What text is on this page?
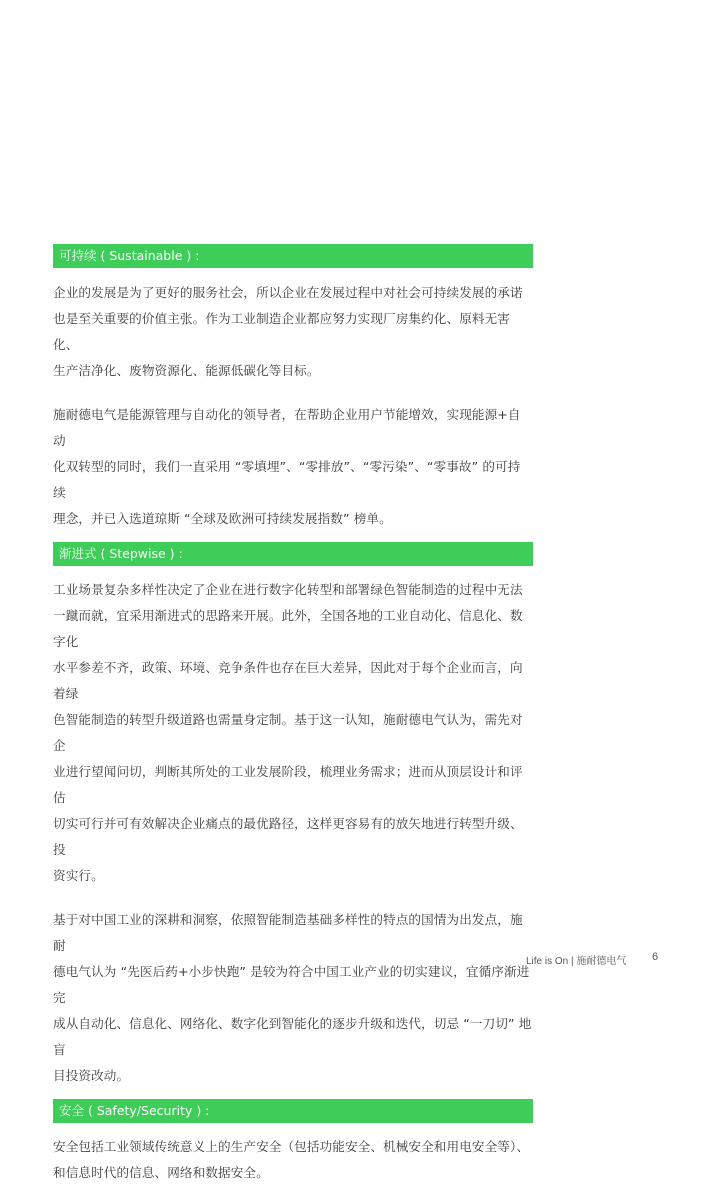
可持续 ( Sustainable ) :

企业的发展是为了更好的服务社会，所以企业在发展过程中对社会可持续发展的承诺
也是至关重要的价值主张。作为工业制造企业都应努力实现厂房集约化、原料无害化、
生产洁净化、废物资源化、能源低碳化等目标。

施耐德电气是能源管理与自动化的领导者，在帮助企业用户节能增效，实现能源+自动
化双转型的同时，我们一直采用 “零填埋”、“零排放”、“零污染”、“零事故” 的可持续
理念，并已入选道琼斯 “全球及欧洲可持续发展指数” 榜单。

渐进式 ( Stepwise ) :

工业场景复杂多样性决定了企业在进行数字化转型和部署绿色智能制造的过程中无法
一蹴而就，宜采用渐进式的思路来开展。此外，全国各地的工业自动化、信息化、数字化
水平参差不齐，政策、环境、竞争条件也存在巨大差异，因此对于每个企业而言，向着绿
色智能制造的转型升级道路也需量身定制。基于这一认知，施耐德电气认为，需先对企
业进行望闻问切，判断其所处的工业发展阶段，梳理业务需求；进而从顶层设计和评估
切实可行并可有效解决企业痛点的最优路径，这样更容易有的放矢地进行转型升级、投
资实行。

基于对中国工业的深耕和洞察，依照智能制造基础多样性的特点的国情为出发点，施耐
德电气认为 “先医后药+小步快跑” 是较为符合中国工业产业的切实建议，宜循序渐进完
成从自动化、信息化、网络化、数字化到智能化的逐步升级和迭代，切忌 “一刀切” 地盲
目投资改动。

安全 ( Safety/Security ) :

安全包括工业领域传统意义上的生产安全（包括功能安全、机械安全和用电安全等）、
和信息时代的信息、网络和数据安全。

Life is On | 施耐德电气 6
